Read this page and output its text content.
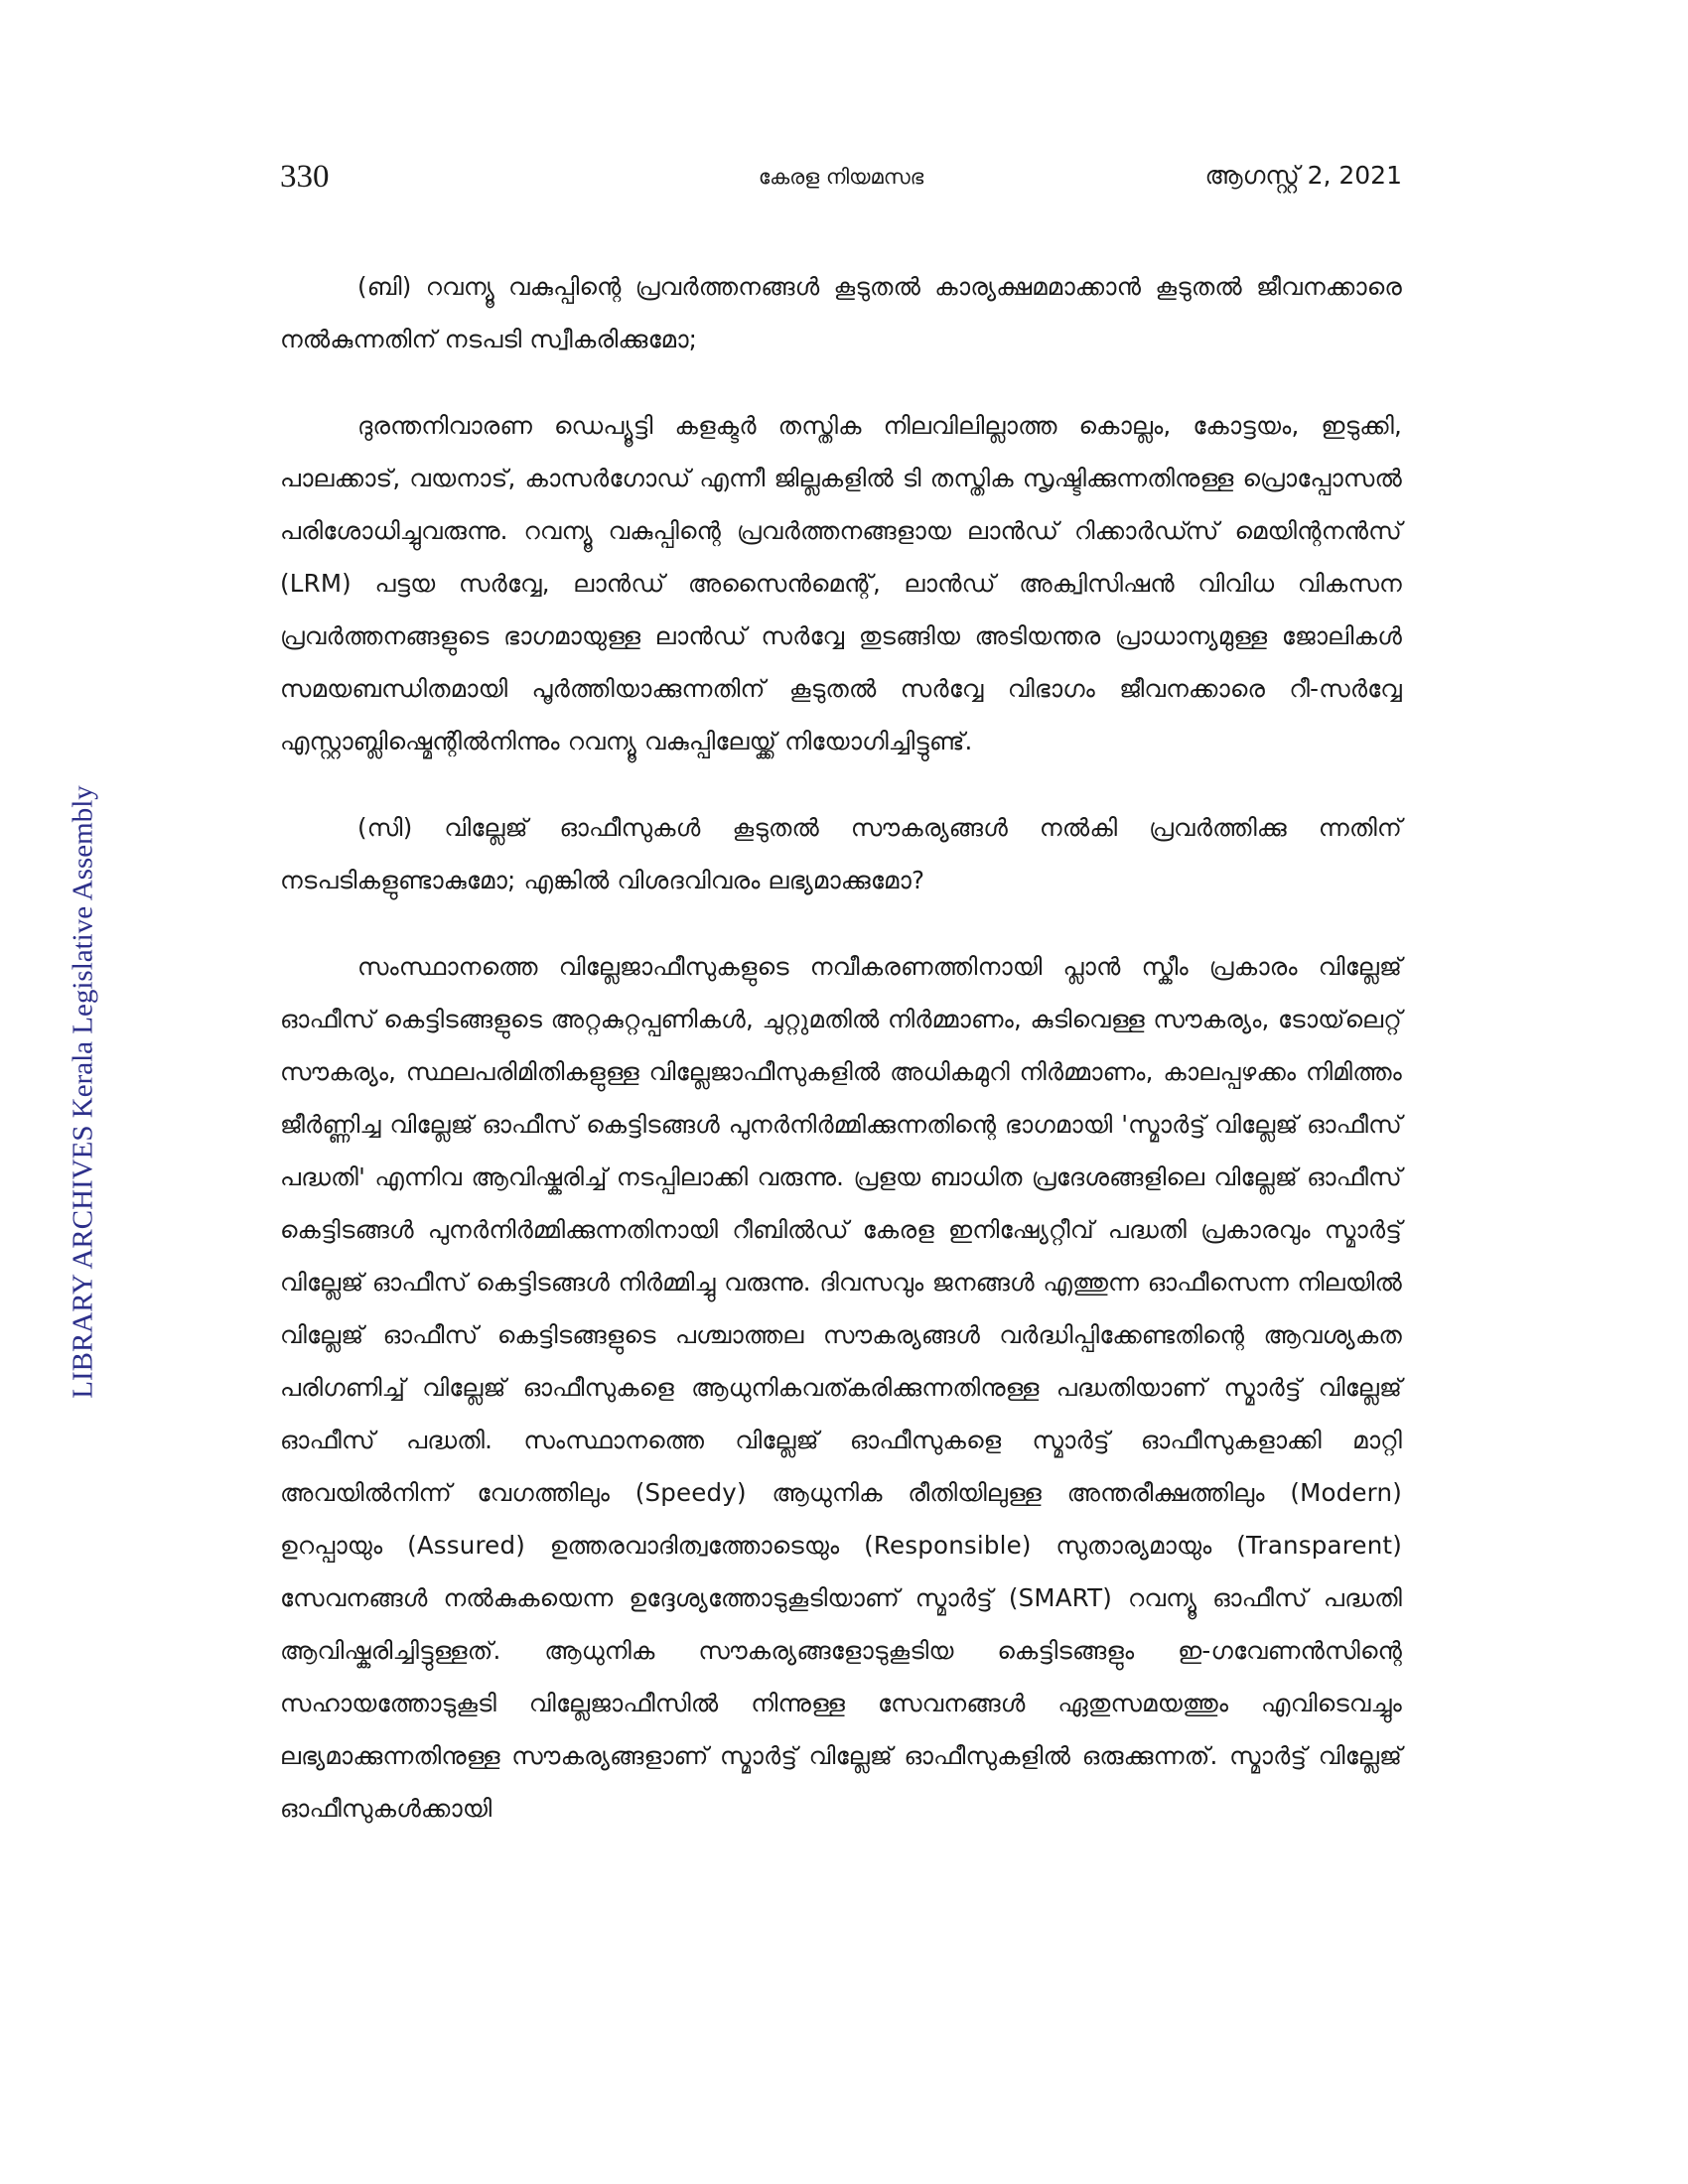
330	കേരള നിയമസഭ	ആഗസ്റ്റ് 2, 2021
LIBRARY ARCHIVES Kerala Legislative Assembly

(ബി) റവന്യൂ വകുപ്പിന്റെ പ്രവർത്തനങ്ങൾ കൂടുതൽ കാര്യക്ഷമമാക്കാൻ കൂടുതൽ ജീവനക്കാരെ നൽകുന്നതിന് നടപടി സ്വീകരിക്കുമോ;

ദുരന്തനിവാരണ ഡെപ്യൂട്ടി കളക്ടർ തസ്തിക നിലവിലില്ലാത്ത കൊല്ലം, കോട്ടയം, ഇടുക്കി, പാലക്കാട്, വയനാട്, കാസർഗോഡ് എന്നീ ജില്ലകളിൽ ടി തസ്തിക സൃഷ്ടിക്കുന്നതിനുള്ള പ്രൊപ്പോസൽ പരിശോധിച്ചുവരുന്നു. റവന്യൂ വകുപ്പിന്റെ പ്രവർത്തനങ്ങളായ ലാൻഡ് റിക്കാർഡ്സ് മെയിന്റനൻസ് (LRM) പട്ടയ സർവ്വേ, ലാൻഡ് അസൈൻമെന്റ്, ലാൻഡ് അക്വിസിഷൻ വിവിധ വികസന പ്രവർത്തനങ്ങളുടെ ഭാഗമായുള്ള ലാൻഡ് സർവ്വേ തുടങ്ങിയ അടിയന്തര പ്രാധാന്യമുള്ള ജോലികൾ സമയബന്ധിതമായി പൂർത്തിയാക്കുന്നതിന് കൂടുതൽ സർവ്വേ വിഭാഗം ജീവനക്കാരെ റീ-സർവ്വേ എസ്റ്റാബ്ലിഷ്മെന്റിൽനിന്നും റവന്യൂ വകുപ്പിലേയ്ക്ക് നിയോഗിച്ചിട്ടുണ്ട്.

(സി) വില്ലേജ് ഓഫീസുകൾ കൂടുതൽ സൗകര്യങ്ങൾ നൽകി പ്രവർത്തിക്കു ന്നതിന് നടപടികളുണ്ടാകുമോ; എങ്കിൽ വിശദവിവരം ലഭ്യമാക്കുമോ?

സംസ്ഥാനത്തെ വില്ലേജാഫീസുകളുടെ നവീകരണത്തിനായി പ്ലാൻ സ്കീം പ്രകാരം വില്ലേജ് ഓഫീസ് കെട്ടിടങ്ങളുടെ അറ്റകുറ്റപ്പണികൾ, ചുറ്റുമതിൽ നിർമ്മാണം, കുടിവെള്ള സൗകര്യം, ടോയ്‌ലെറ്റ് സൗകര്യം, സ്ഥലപരിമിതികളുള്ള വില്ലേജാഫീസുകളിൽ അധികമുറി നിർമ്മാണം, കാലപ്പഴക്കം നിമിത്തം ജീർണ്ണിച്ച വില്ലേജ് ഓഫീസ് കെട്ടിടങ്ങൾ പുനർനിർമ്മിക്കുന്നതിന്റെ ഭാഗമായി 'സ്മാർട്ട് വില്ലേജ് ഓഫീസ് പദ്ധതി' എന്നിവ ആവിഷ്കരിച്ച് നടപ്പിലാക്കി വരുന്നു. പ്രളയ ബാധിത പ്രദേശങ്ങളിലെ വില്ലേജ് ഓഫീസ് കെട്ടിടങ്ങൾ പുനർനിർമ്മിക്കുന്നതിനായി റീബിൽഡ് കേരള ഇനിഷ്യേറ്റീവ് പദ്ധതി പ്രകാരവും സ്മാർട്ട് വില്ലേജ് ഓഫീസ് കെട്ടിടങ്ങൾ നിർമ്മിച്ചു വരുന്നു. ദിവസവും ജനങ്ങൾ എത്തുന്ന ഓഫീസെന്ന നിലയിൽ വില്ലേജ് ഓഫീസ് കെട്ടിടങ്ങളുടെ പശ്ചാത്തല സൗകര്യങ്ങൾ വർദ്ധിപ്പിക്കേണ്ടതിന്റെ ആവശ്യകത പരിഗണിച്ച് വില്ലേജ് ഓഫീസുകളെ ആധുനികവത്കരിക്കുന്നതിനുള്ള പദ്ധതിയാണ് സ്മാർട്ട് വില്ലേജ് ഓഫീസ് പദ്ധതി. സംസ്ഥാനത്തെ വില്ലേജ് ഓഫീസുകളെ സ്മാർട്ട് ഓഫീസുകളാക്കി മാറ്റി അവയിൽനിന്ന് വേഗത്തിലും (Speedy) ആധുനിക രീതിയിലുള്ള അന്തരീക്ഷത്തിലും (Modern) ഉറപ്പായും (Assured) ഉത്തരവാദിത്വത്തോടെയും (Responsible) സുതാര്യമായും (Transparent) സേവനങ്ങൾ നൽകുകയെന്ന ഉദ്ദേശ്യത്തോടുകൂടിയാണ് സ്മാർട്ട് (SMART) റവന്യൂ ഓഫീസ് പദ്ധതി ആവിഷ്കരിച്ചിട്ടുള്ളത്. ആധുനിക സൗകര്യങ്ങളോടുകൂടിയ കെട്ടിടങ്ങളും ഇ-ഗവേണൻസിന്റെ സഹായത്തോടുകൂടി വില്ലേജാഫീസിൽ നിന്നുള്ള സേവനങ്ങൾ ഏതുസമയത്തും എവിടെവച്ചും ലഭ്യമാക്കുന്നതിനുള്ള സൗകര്യങ്ങളാണ് സ്മാർട്ട് വില്ലേജ് ഓഫീസുകളിൽ ഒരുക്കുന്നത്. സ്മാർട്ട് വില്ലേജ് ഓഫീസുകൾക്കായി
